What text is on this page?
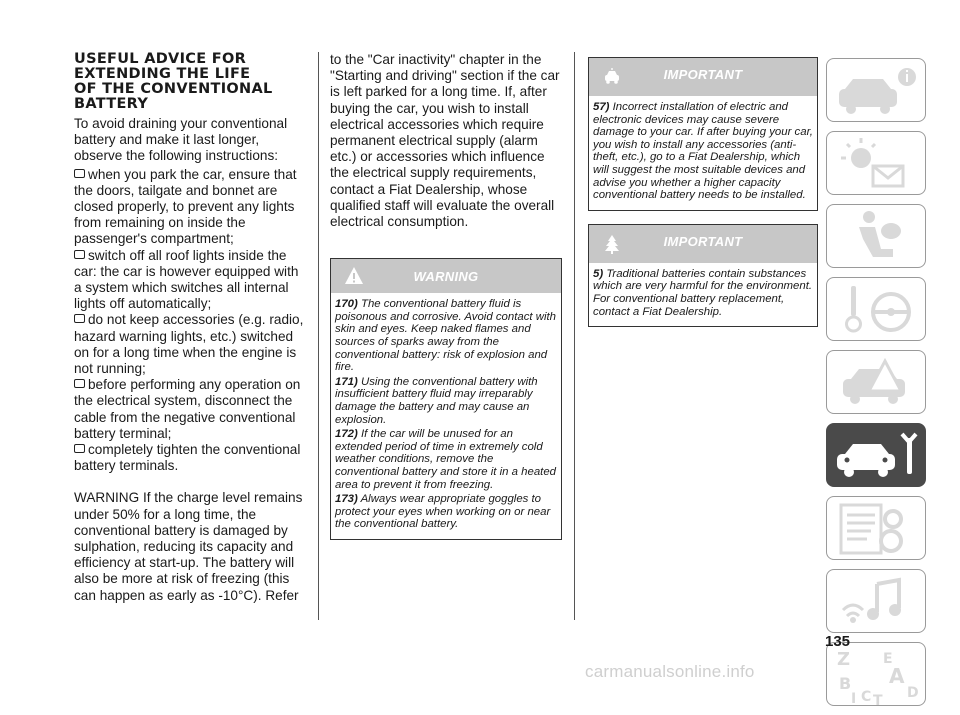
USEFUL ADVICE FOR
EXTENDING THE LIFE
OF THE CONVENTIONAL
BATTERY

To avoid draining your conventional battery and make it last longer, observe the following instructions:

when you park the car, ensure that the doors, tailgate and bonnet are closed properly, to prevent any lights from remaining on inside the passenger's compartment;

switch off all roof lights inside the car: the car is however equipped with a system which switches all internal lights off automatically;

do not keep accessories (e.g. radio, hazard warning lights, etc.) switched on for a long time when the engine is not running;

before performing any operation on the electrical system, disconnect the cable from the negative conventional battery terminal;

completely tighten the conventional battery terminals.

WARNING If the charge level remains under 50% for a long time, the conventional battery is damaged by sulphation, reducing its capacity and efficiency at start-up. The battery will also be more at risk of freezing (this can happen as early as -10°C). Refer

to the "Car inactivity" chapter in the "Starting and driving" section if the car is left parked for a long time. If, after buying the car, you wish to install electrical accessories which require permanent electrical supply (alarm etc.) or accessories which influence the electrical supply requirements, contact a Fiat Dealership, whose qualified staff will evaluate the overall electrical consumption.

WARNING
170) The conventional battery fluid is poisonous and corrosive. Avoid contact with skin and eyes. Keep naked flames and sources of sparks away from the conventional battery: risk of explosion and fire.
171) Using the conventional battery with insufficient battery fluid may irreparably damage the battery and may cause an explosion.
172) If the car will be unused for an extended period of time in extremely cold weather conditions, remove the conventional battery and store it in a heated area to prevent it from freezing.
173) Always wear appropriate goggles to protect your eyes when working on or near the conventional battery.
IMPORTANT
57) Incorrect installation of electric and electronic devices may cause severe damage to your car. If after buying your car, you wish to install any accessories (anti-theft, etc.), go to a Fiat Dealership, which will suggest the most suitable devices and advise you whether a higher capacity conventional battery needs to be installed.
IMPORTANT
5) Traditional batteries contain substances which are very harmful for the environment. For conventional battery replacement, contact a Fiat Dealership.
Z E
A
B
I C T D
135
carmanualsonline.info
